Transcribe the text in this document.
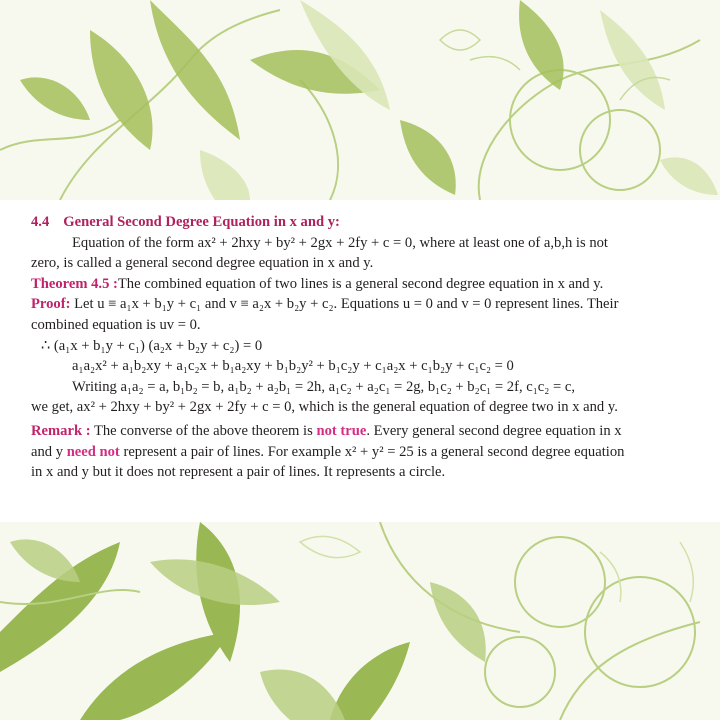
4.4 General Second Degree Equation in x and y:
Equation of the form ax² + 2hxy + by² + 2gx + 2fy + c = 0, where at least one of a,b,h is not
zero, is called a general second degree equation in x and y.
Theorem 4.5 :The combined equation of two lines is a general second degree equation in x and y.
Proof: Let u ≡ a₁x + b₁y + c₁ and v ≡ a₂x + b₂y + c₂. Equations u = 0 and v = 0 represent lines. Their
combined equation is uv = 0.
∴ (a₁x + b₁y + c₁) (a₂x + b₂y + c₂) = 0
a₁a₂x² + a₁b₂xy + a₁c₂x + b₁a₂xy + b₁b₂y² + b₁c₂y + c₁a₂x + c₁b₂y + c₁c₂ = 0
Writing a₁a₂ = a, b₁b₂ = b, a₁b₂ + a₂b₁ = 2h, a₁c₂ + a₂c₁ = 2g, b₁c₂ + b₂c₁ = 2f, c₁c₂ = c,
we get, ax² + 2hxy + by² + 2gx + 2fy + c = 0, which is the general equation of degree two in x and y.
Remark : The converse of the above theorem is not true. Every general second degree equation in x
and y need not represent a pair of lines. For example x² + y² = 25 is a general second degree equation
in x and y but it does not represent a pair of lines. It represents a circle.
